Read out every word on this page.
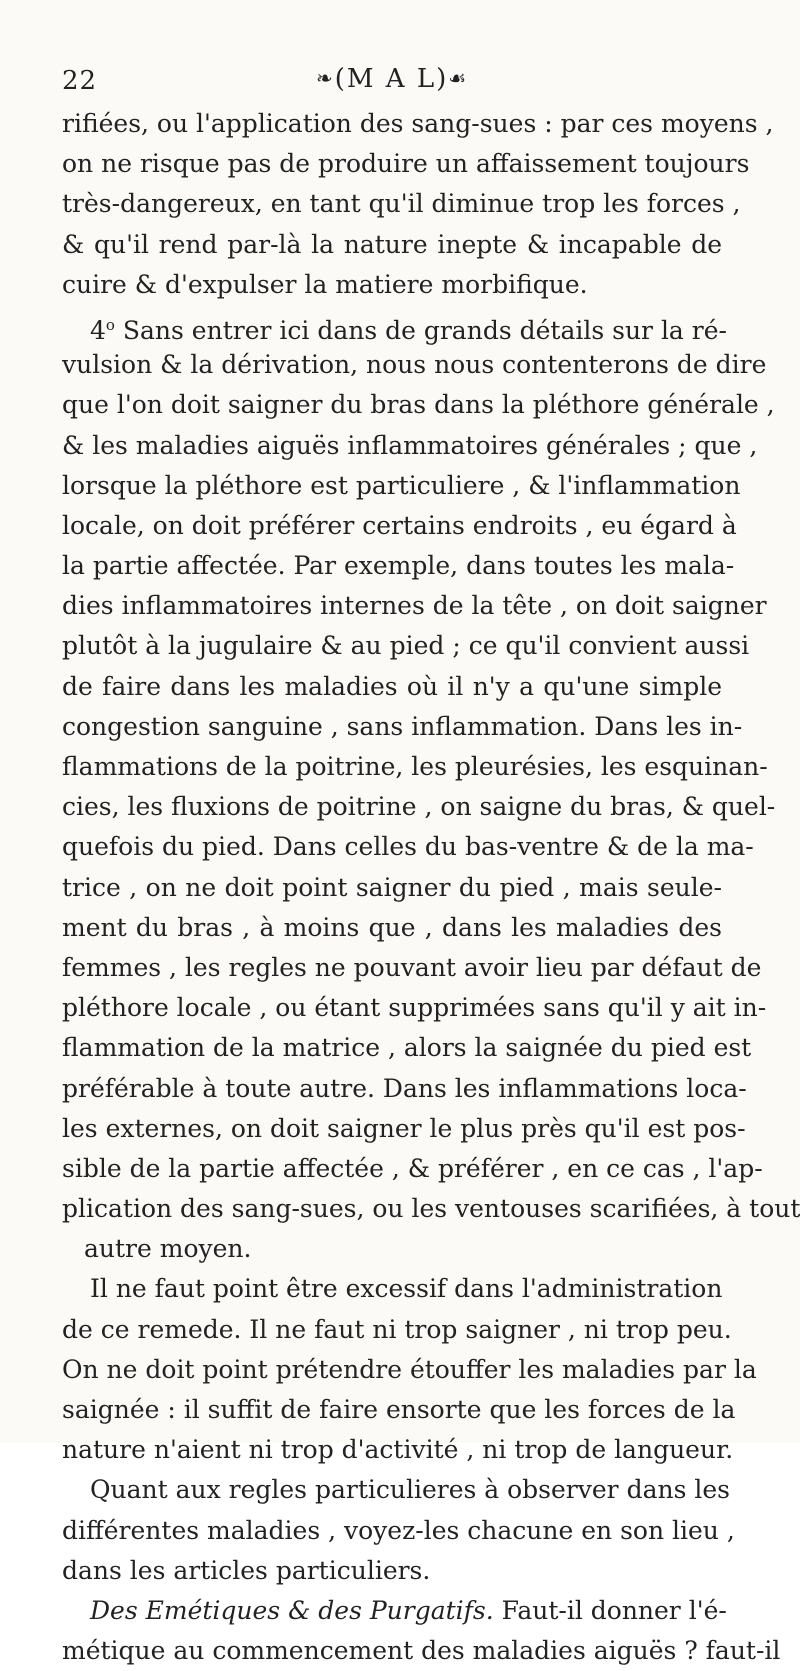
22	❧(M A L)☙
rifiées, ou l'application des sang-sues : par ces moyens ,
on ne risque pas de produire un affaissement toujours
très-dangereux, en tant qu'il diminue trop les forces ,
& qu'il rend par-là la nature inepte & incapable de
cuire & d'expulser la matiere morbifique.
4$^o$ Sans entrer ici dans de grands détails sur la ré-
vulsion & la dérivation, nous nous contenterons de dire
que l'on doit saigner du bras dans la pléthore générale ,
& les maladies aiguës inflammatoires générales ; que ,
lorsque la pléthore est particuliere , & l'inflammation
locale, on doit préférer certains endroits , eu égard à
la partie affectée. Par exemple, dans toutes les mala-
dies inflammatoires internes de la tête , on doit saigner
plutôt à la jugulaire & au pied ; ce qu'il convient aussi
de faire dans les maladies où il n'y a qu'une simple
congestion sanguine , sans inflammation. Dans les in-
flammations de la poitrine, les pleurésies, les esquinan-
cies, les fluxions de poitrine , on saigne du bras, & quel-
quefois du pied. Dans celles du bas-ventre & de la ma-
trice , on ne doit point saigner du pied , mais seule-
ment du bras , à moins que , dans les maladies des
femmes , les regles ne pouvant avoir lieu par défaut de
pléthore locale , ou étant supprimées sans qu'il y ait in-
flammation de la matrice , alors la saignée du pied est
préférable à toute autre. Dans les inflammations loca-
les externes, on doit saigner le plus près qu'il est pos-
sible de la partie affectée , & préférer , en ce cas , l'ap-
plication des sang-sues, ou les ventouses scarifiées, à tout
autre moyen.
Il ne faut point être excessif dans l'administration
de ce remede. Il ne faut ni trop saigner , ni trop peu.
On ne doit point prétendre étouffer les maladies par la
saignée : il suffit de faire ensorte que les forces de la
nature n'aient ni trop d'activité , ni trop de langueur.
Quant aux regles particulieres à observer dans les
différentes maladies , voyez-les chacune en son lieu ,
dans les articles particuliers.
Des Emétiques & des Purgatifs. Faut-il donner l'é-
métique au commencement des maladies aiguës ? faut-il
